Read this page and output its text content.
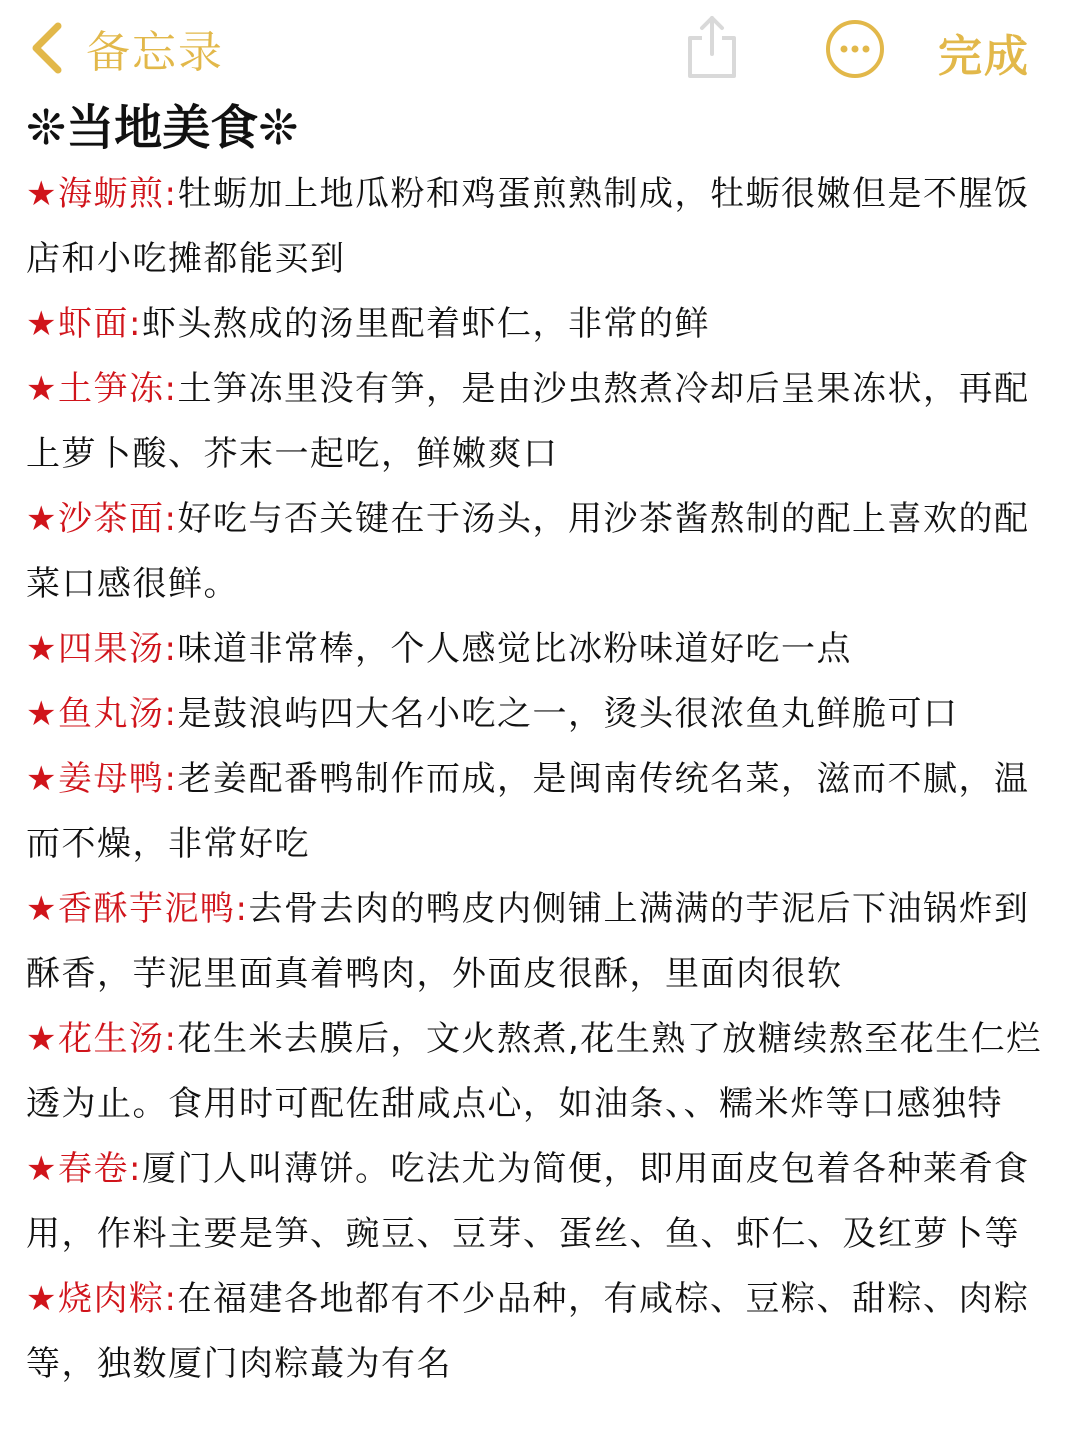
备忘录	完成
❊当地美食❊

★海蛎煎:牡蛎加上地瓜粉和鸡蛋煎熟制成，牡蛎很嫩但是不腥饭店和小吃摊都能买到

★虾面:虾头熬成的汤里配着虾仁，非常的鲜

★土笋冻:土笋冻里没有笋，是由沙虫熬煮冷却后呈果冻状，再配上萝卜酸、芥末一起吃，鲜嫩爽口

★沙茶面:好吃与否关键在于汤头，用沙茶酱熬制的配上喜欢的配菜口感很鲜。

★四果汤:味道非常棒，个人感觉比冰粉味道好吃一点

★鱼丸汤:是鼓浪屿四大名小吃之一，烫头很浓鱼丸鲜脆可口

★姜母鸭:老姜配番鸭制作而成，是闽南传统名菜，滋而不腻，温而不燥，非常好吃

★香酥芋泥鸭:去骨去肉的鸭皮内侧铺上满满的芋泥后下油锅炸到酥香，芋泥里面真着鸭肉，外面皮很酥，里面肉很软

★花生汤:花生米去膜后，文火熬煮,花生熟了放糖续熬至花生仁烂透为止。食用时可配佐甜咸点心，如油条、、糯米炸等口感独特

★春卷:厦门人叫薄饼。吃法尤为简便，即用面皮包着各种莱肴食用，作料主要是笋、豌豆、豆芽、蛋丝、鱼、虾仁、及红萝卜等

★烧肉粽:在福建各地都有不少品种，有咸棕、豆粽、甜粽、肉粽等，独数厦门肉粽蕞为有名
